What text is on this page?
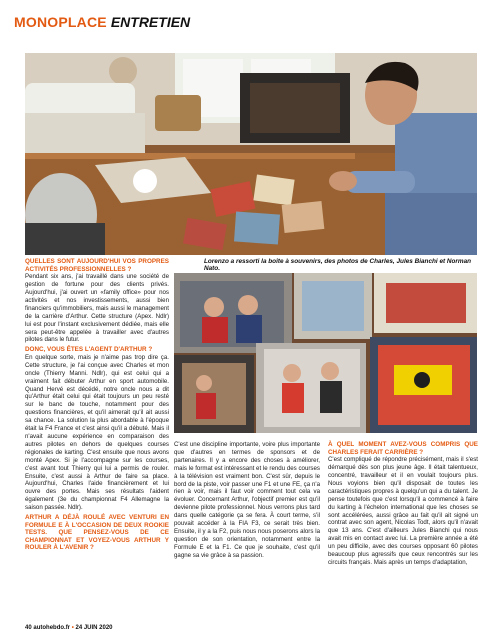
MONOPLACE ENTRETIEN
Lorenzo a ressorti la boîte à souvenirs, des photos de Charles, Jules Bianchi et Norman Nato.

QUELLES SONT AUJOURD'HUI VOS PROPRES ACTIVITÉS PROFESSIONNELLES ?

Pendant six ans, j'ai travaillé dans une société de gestion de fortune pour des clients privés. Aujourd'hui, j'ai ouvert un «family office» pour nos activités et nos investissements, aussi bien financiers qu'immobiliers, mais aussi le management de la carrière d'Arthur. Cette structure (Apex. Ndlr) lui est pour l'instant exclusivement dédiée, mais elle sera peut-être appelée à travailler avec d'autres pilotes dans le futur.

DONC, VOUS ÊTES L'AGENT D'ARTHUR ?

En quelque sorte, mais je n'aime pas trop dire ça. Cette structure, je l'ai conçue avec Charles et mon oncle (Thierry Manni. Ndlr), qui est celui qui a vraiment fait débuter Arthur en sport automobile. Quand Hervé est décédé, notre oncle nous a dit qu'Arthur était celui qui était toujours un peu resté sur le banc de touche, notamment pour des questions financières, et qu'il aimerait qu'il ait aussi sa chance. La solution la plus abordable à l'époque était la F4 France et c'est ainsi qu'il a débuté. Mais il n'avait aucune expérience en comparaison des autres pilotes en dehors de quelques courses régionales de karting. C'est ensuite que nous avons monté Apex. Si je l'accompagne sur les courses, c'est avant tout Thierry qui lui a permis de rouler. Ensuite, c'est aussi à Arthur de faire sa place. Aujourd'hui, Charles l'aide financièrement et lui ouvre des portes. Mais ses résultats l'aident également (3e du championnat F4 Allemagne la saison passée. Ndlr).

ARTHUR A DÉJÀ ROULÉ AVEC VENTURI EN FORMULE E À L'OCCASION DE DEUX ROOKIE TESTS. QUE PENSEZ-VOUS DE CE CHAMPIONNAT ET VOYEZ-VOUS ARTHUR Y ROULER À L'AVENIR ?

C'est une discipline importante, voire plus importante que d'autres en termes de sponsors et de partenaires. Il y a encore des choses à améliorer, mais le format est intéressant et le rendu des courses à la télévision est vraiment bon. C'est sûr, depuis le bord de la piste, voir passer une F1 et une FE, ça n'a rien à voir, mais il faut voir comment tout cela va évoluer. Concernant Arthur, l'objectif premier est qu'il devienne pilote professionnel. Nous verrons plus tard dans quelle catégorie ça se fera. À court terme, s'il pouvait accéder à la FIA F3, ce serait très bien. Ensuite, il y a la F2, puis nous nous poserons alors la question de son orientation, notamment entre la Formule E et la F1. Ce que je souhaite, c'est qu'il gagne sa vie grâce à sa passion.

À QUEL MOMENT AVEZ-VOUS COMPRIS QUE CHARLES FERAIT CARRIÈRE ?

C'est compliqué de répondre précisément, mais il s'est démarqué dès son plus jeune âge. Il était talentueux, concentré, travailleur et il en voulait toujours plus. Nous voyions bien qu'il disposait de toutes les caractéristiques propres à quelqu'un qui a du talent. Je pense toutefois que c'est lorsqu'il a commencé à faire du karting à l'échelon international que les choses se sont accélérées, aussi grâce au fait qu'il ait signé un contrat avec son agent, Nicolas Todt, alors qu'il n'avait que 13 ans. C'est d'ailleurs Jules Bianchi qui nous avait mis en contact avec lui. La première année a été un peu difficile, avec des courses opposant 60 pilotes beaucoup plus agressifs que ceux rencontrés sur les circuits français. Mais après un temps d'adaptation,

40 autohebdo.fr • 24 JUIN 2020
